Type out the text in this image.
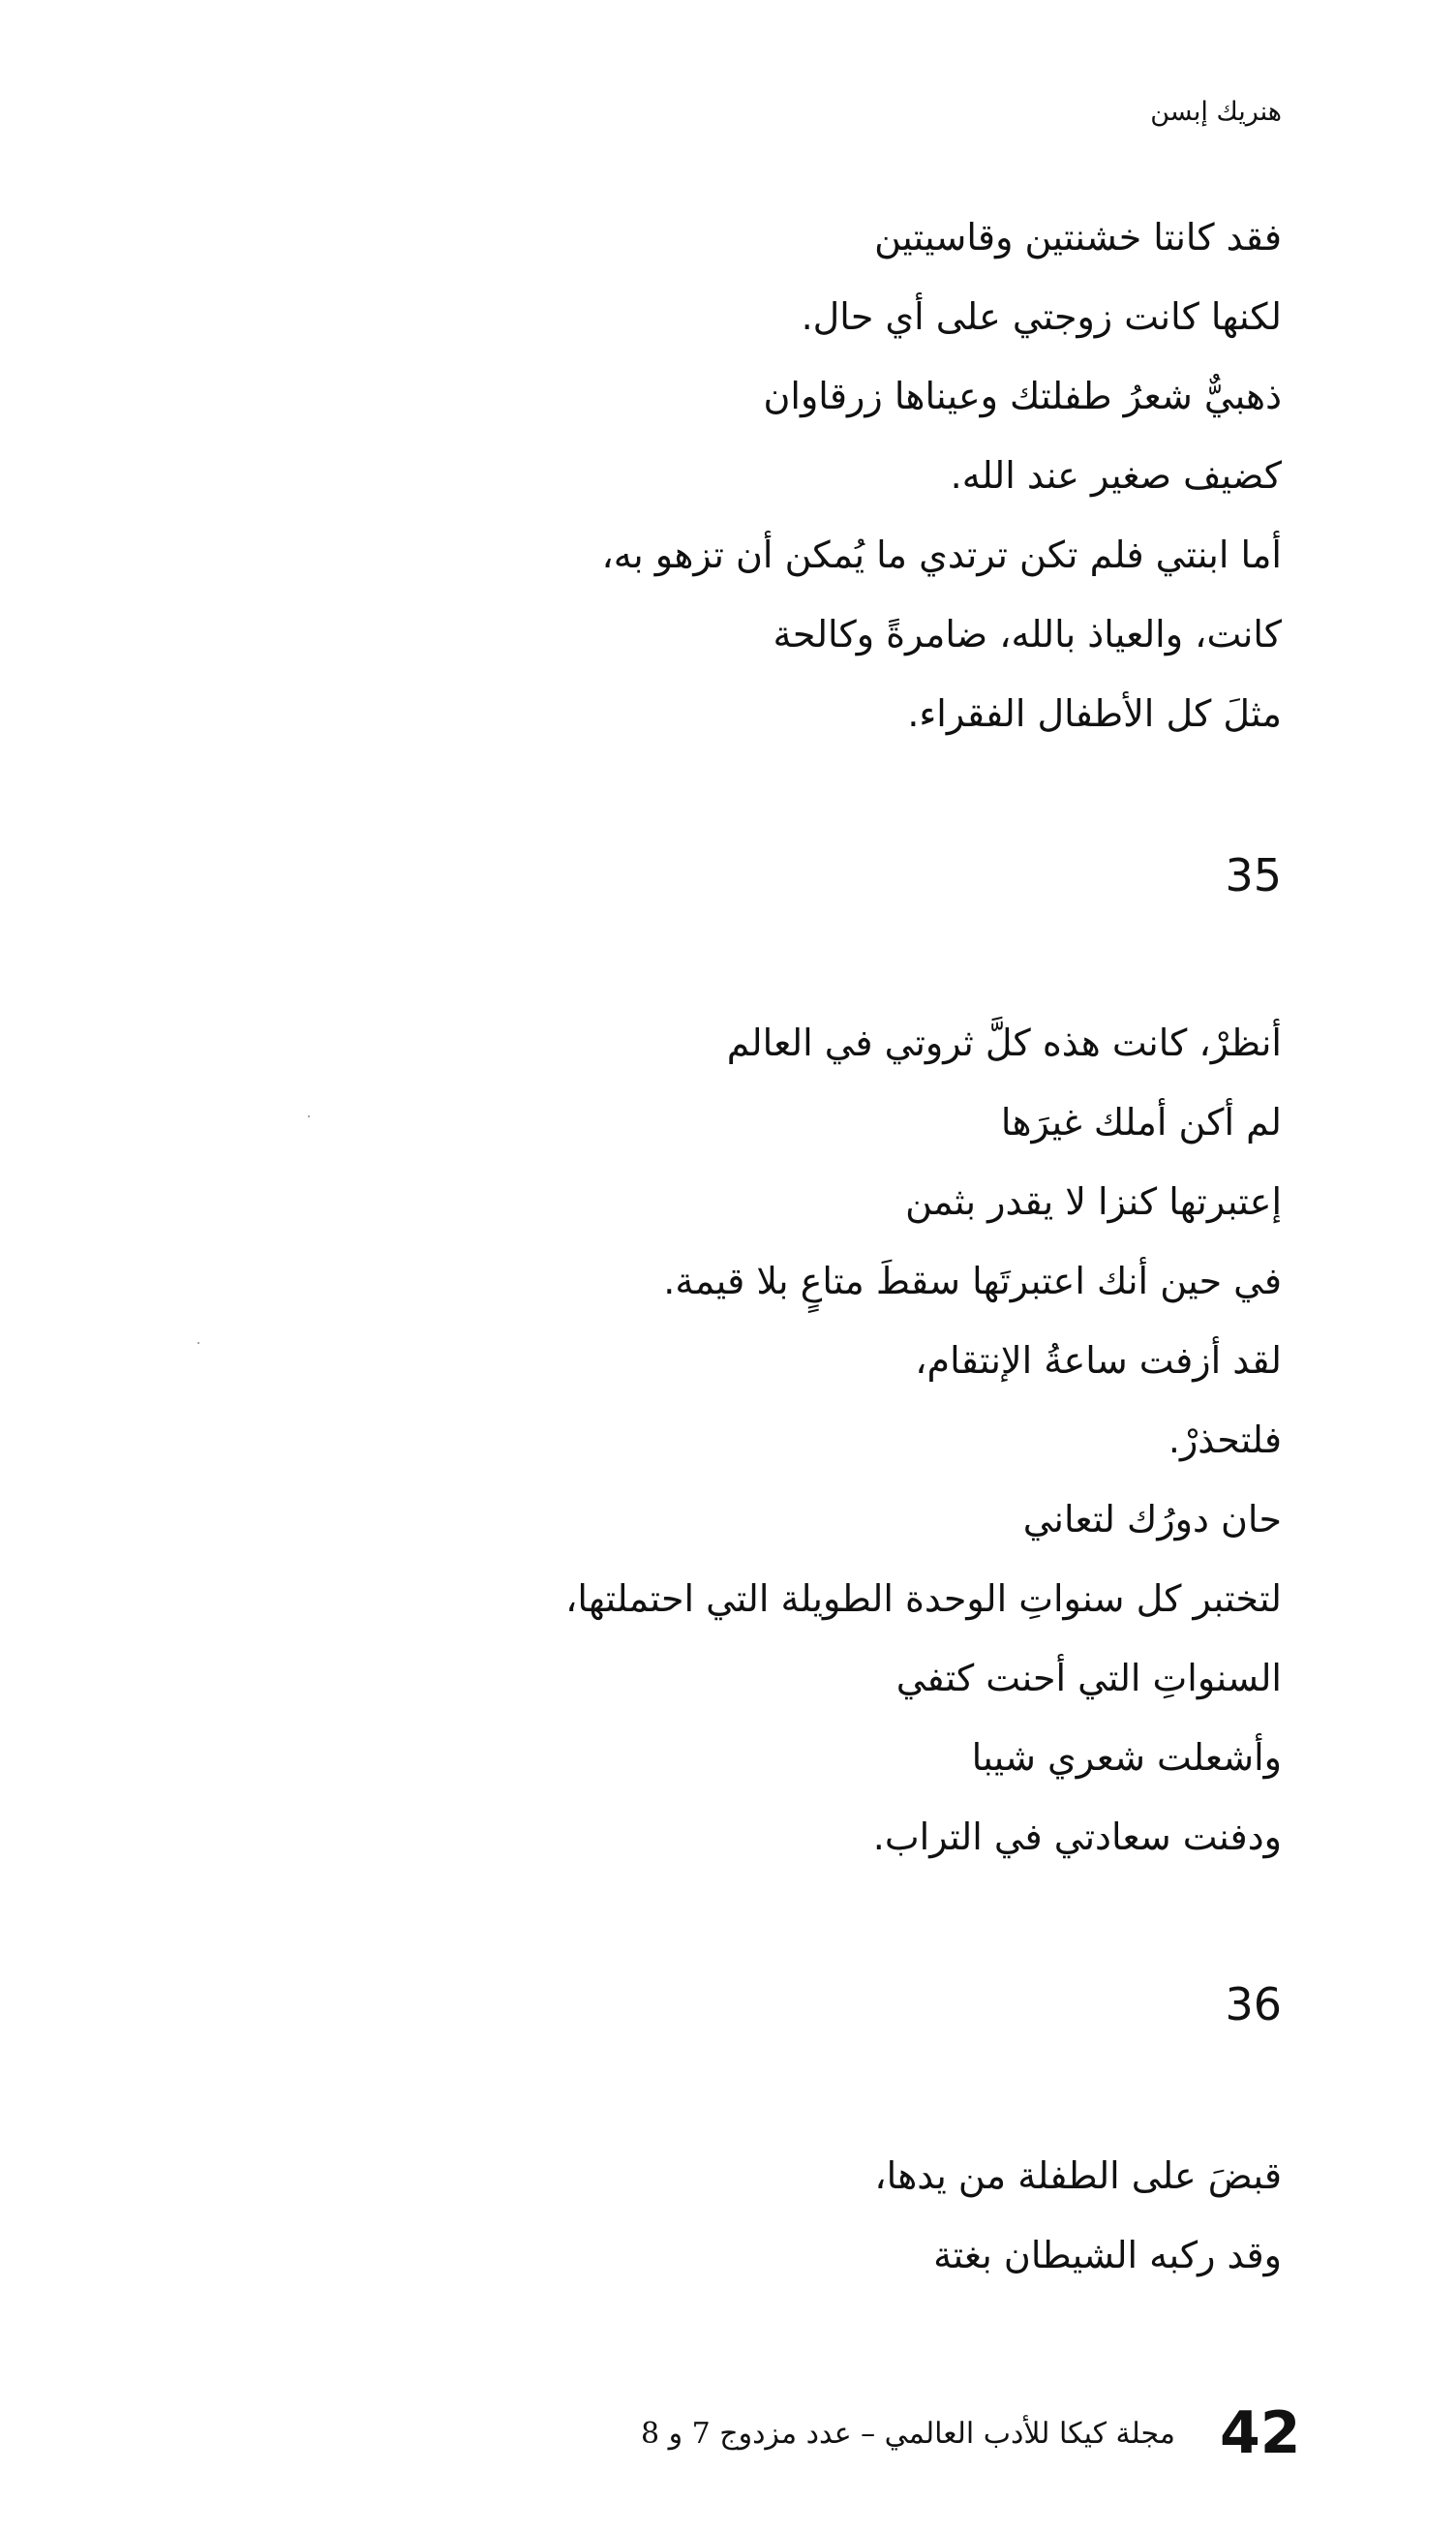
هنريك إبسن
فقد كانتا خشنتين وقاسيتين
لكنها كانت زوجتي على أي حال.
ذهبيٌّ شعرُ طفلتك وعيناها زرقاوان
كضيف صغير عند الله.
أما ابنتي فلم تكن ترتدي ما يُمكن أن تزهو به،
كانت، والعياذ بالله، ضامرةً وكالحة
مثلَ كل الأطفال الفقراء.
35
أنظرْ، كانت هذه كلَّ ثروتي في العالم
لم أكن أملك غيرَها
إعتبرتها كنزا لا يقدر بثمن
في حين أنك اعتبرتَها سقطَ متاعٍ بلا قيمة.
لقد أزفت ساعةُ الإنتقام،
فلتحذرْ.
حان دورُك لتعاني
لتختبر كل سنواتِ الوحدة الطويلة التي احتملتها،
السنواتِ التي أحنت كتفي
وأشعلت شعري شيبا
ودفنت سعادتي في التراب.
36
قبضَ على الطفلة من يدها،
وقد ركبه الشيطان بغتة
42
مجلة كيكا للأدب العالمي – عدد مزدوج 7 و 8
